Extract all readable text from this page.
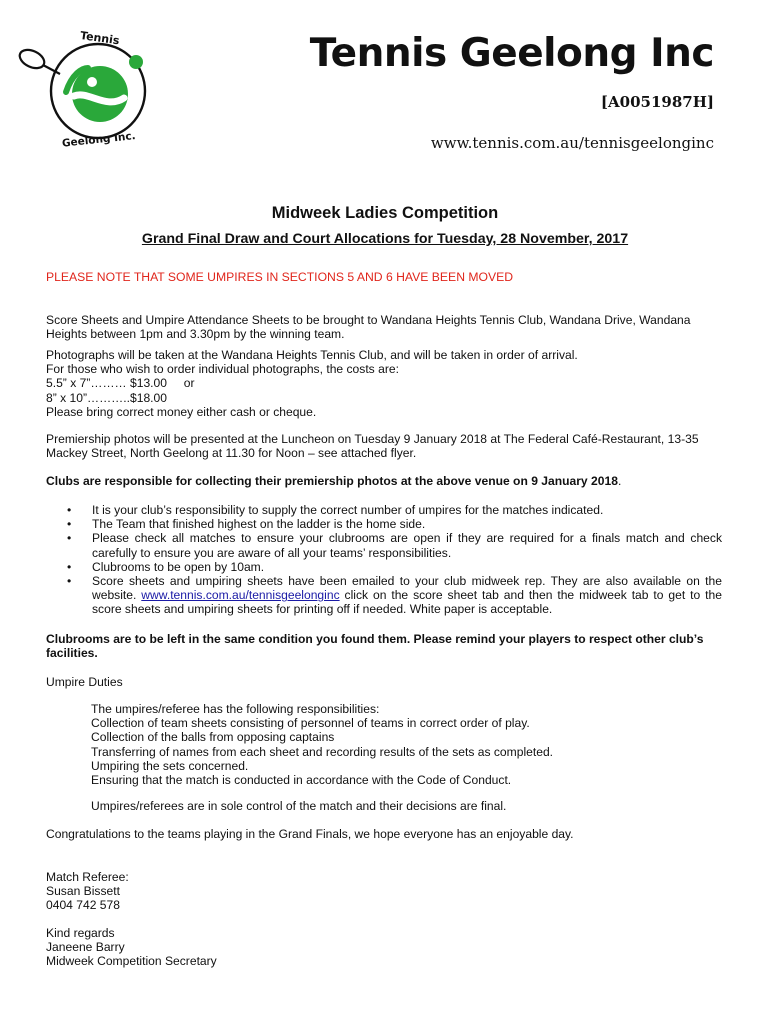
Tennis
Geelong Inc.
Tennis Geelong Inc
[A0051987H]
www.tennis.com.au/tennisgeelonginc
Midweek Ladies Competition
Grand Final Draw and Court Allocations for Tuesday, 28 November, 2017
PLEASE NOTE THAT SOME UMPIRES IN SECTIONS 5 AND 6 HAVE BEEN MOVED
Score Sheets and Umpire Attendance Sheets to be brought to Wandana Heights Tennis Club, Wandana Drive, Wandana Heights between 1pm and 3.30pm by the winning team.
Photographs will be taken at the Wandana Heights Tennis Club, and will be taken in order of arrival.
For those who wish to order individual photographs, the costs are:
5.5” x 7”……… $13.00     or
8” x 10”………..$18.00
Please bring correct money either cash or cheque.
Premiership photos will be presented at the Luncheon on Tuesday 9 January 2018 at The Federal Café-Restaurant, 13-35 Mackey Street, North Geelong at 11.30 for Noon – see attached flyer.
Clubs are responsible for collecting their premiership photos at the above venue on 9 January 2018.
• It is your club’s responsibility to supply the correct number of umpires for the matches indicated.
• The Team that finished highest on the ladder is the home side.
• Please check all matches to ensure your clubrooms are open if they are required for a finals match and check carefully to ensure you are aware of all your teams’ responsibilities.
• Clubrooms to be open by 10am.
• Score sheets and umpiring sheets have been emailed to your club midweek rep. They are also available on the website. www.tennis.com.au/tennisgeelonginc click on the score sheet tab and then the midweek tab to get to the score sheets and umpiring sheets for printing off if needed. White paper is acceptable.
Clubrooms are to be left in the same condition you found them. Please remind your players to respect other club’s facilities.
Umpire Duties
The umpires/referee has the following responsibilities:
Collection of team sheets consisting of personnel of teams in correct order of play.
Collection of the balls from opposing captains
Transferring of names from each sheet and recording results of the sets as completed.
Umpiring the sets concerned.
Ensuring that the match is conducted in accordance with the Code of Conduct.
Umpires/referees are in sole control of the match and their decisions are final.
Congratulations to the teams playing in the Grand Finals, we hope everyone has an enjoyable day.
Match Referee:
Susan Bissett
0404 742 578
Kind regards
Janeene Barry
Midweek Competition Secretary
